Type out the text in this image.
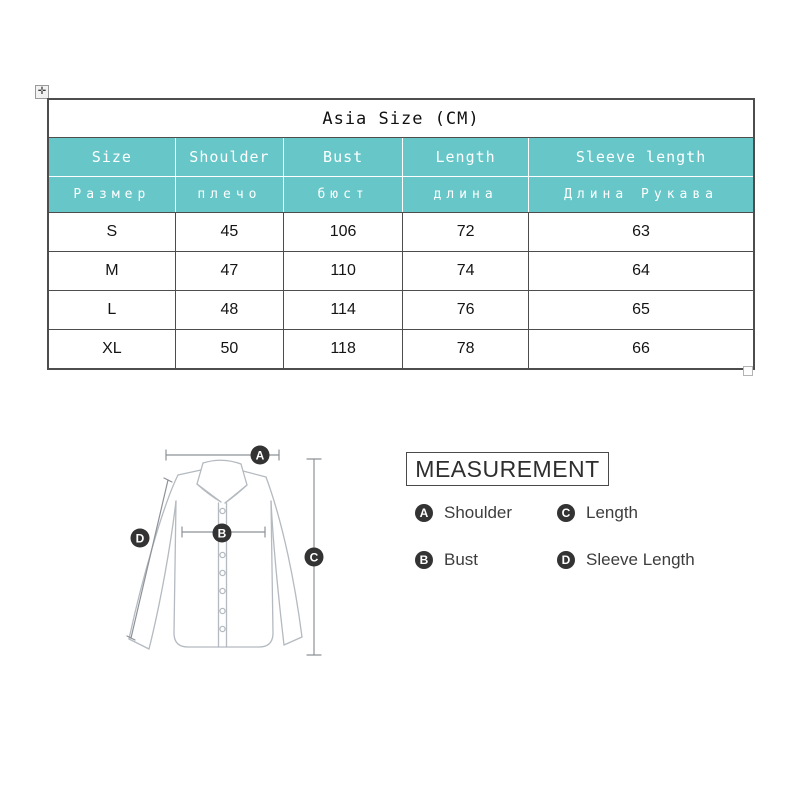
✛
Asia Size (CM)
Size	Shoulder	Bust	Length	Sleeve length
Размер	плечо	бюст	длина	Длина Рукава
S	45	106	72	63
M	47	110	74	64
L	48	114	76	65
XL	50	118	78	66
A
B
C
D
MEASUREMENT
A Shoulder	C Length
B Bust	D Sleeve Length
